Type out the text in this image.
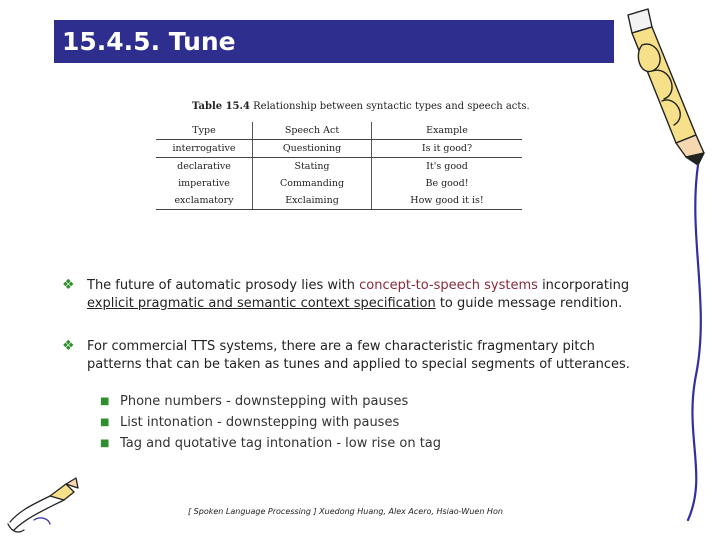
15.4.5. Tune
Table 15.4 Relationship between syntactic types and speech acts.
Type	Speech Act	Example
interrogative	Questioning	Is it good?
declarative	Stating	It's good
imperative	Commanding	Be good!
exclamatory	Exclaiming	How good it is!
❖ The future of automatic prosody lies with concept-to-speech systems incorporating
explicit pragmatic and semantic context specification to guide message rendition.
❖ For commercial TTS systems, there are a few characteristic fragmentary pitch
patterns that can be taken as tunes and applied to special segments of utterances.
■ Phone numbers - downstepping with pauses
■ List intonation - downstepping with pauses
■ Tag and quotative tag intonation - low rise on tag
[ Spoken Language Processing ] Xuedong Huang, Alex Acero, Hsiao-Wuen Hon
